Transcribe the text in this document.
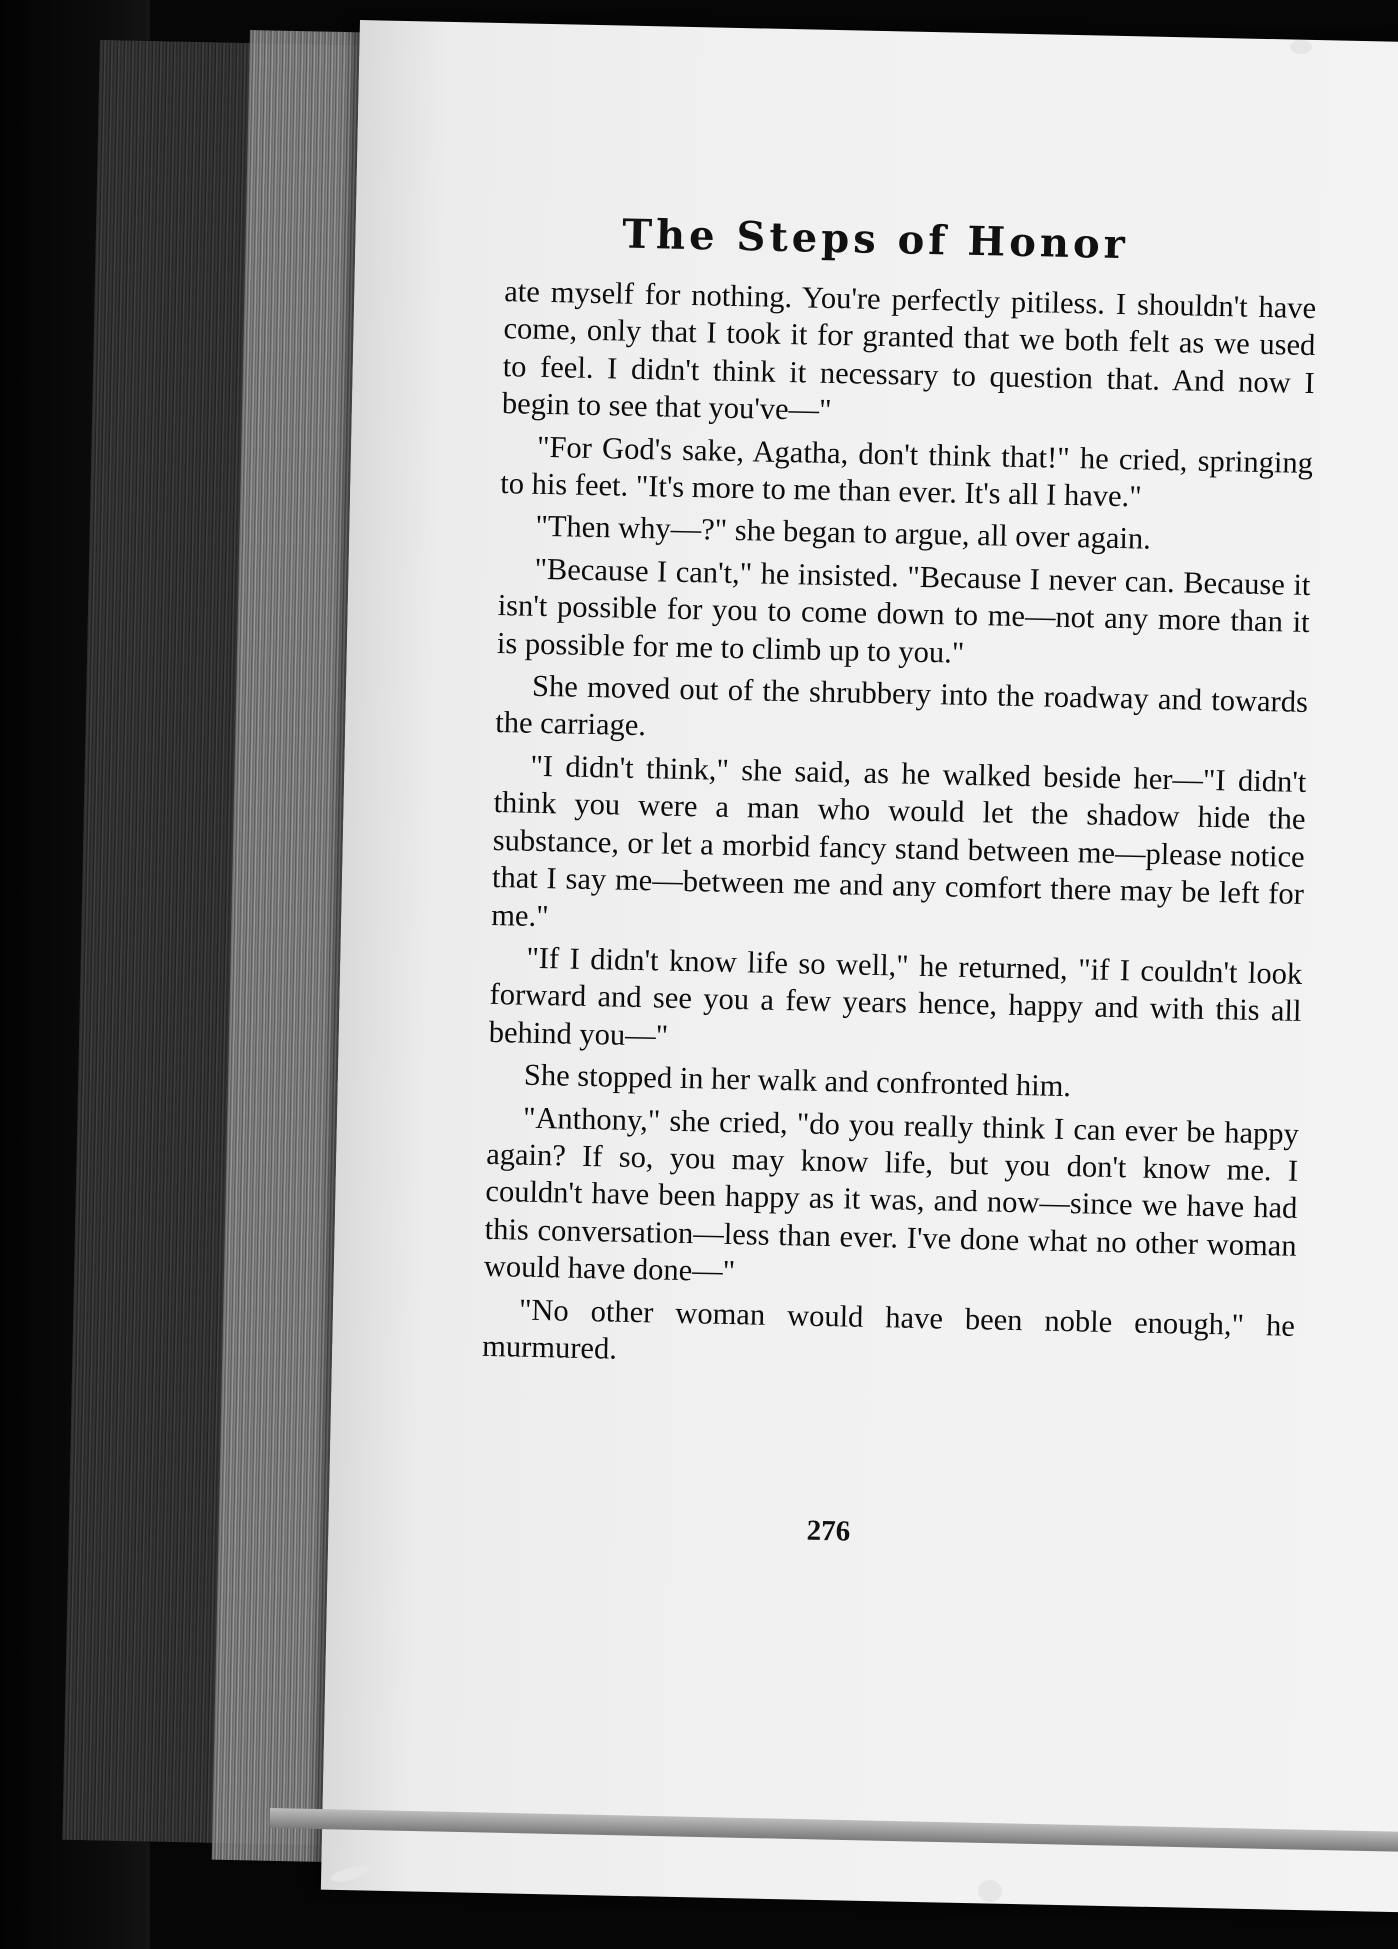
The Steps of Honor

ate myself for nothing. You're perfectly pitiless. I shouldn't have come, only that I took it for granted that we both felt as we used to feel. I didn't think it necessary to question that. And now I begin to see that you've—"

"For God's sake, Agatha, don't think that!" he cried, springing to his feet. "It's more to me than ever. It's all I have."

"Then why—?" she began to argue, all over again.

"Because I can't," he insisted. "Because I never can. Because it isn't possible for you to come down to me—not any more than it is possible for me to climb up to you."

She moved out of the shrubbery into the roadway and towards the carriage.

"I didn't think," she said, as he walked beside her—"I didn't think you were a man who would let the shadow hide the substance, or let a morbid fancy stand between me—please notice that I say me—between me and any comfort there may be left for me."

"If I didn't know life so well," he returned, "if I couldn't look forward and see you a few years hence, happy and with this all behind you—"

She stopped in her walk and confronted him.

"Anthony," she cried, "do you really think I can ever be happy again? If so, you may know life, but you don't know me. I couldn't have been happy as it was, and now—since we have had this conversation—less than ever. I've done what no other woman would have done—"

"No other woman would have been noble enough," he murmured.

276
